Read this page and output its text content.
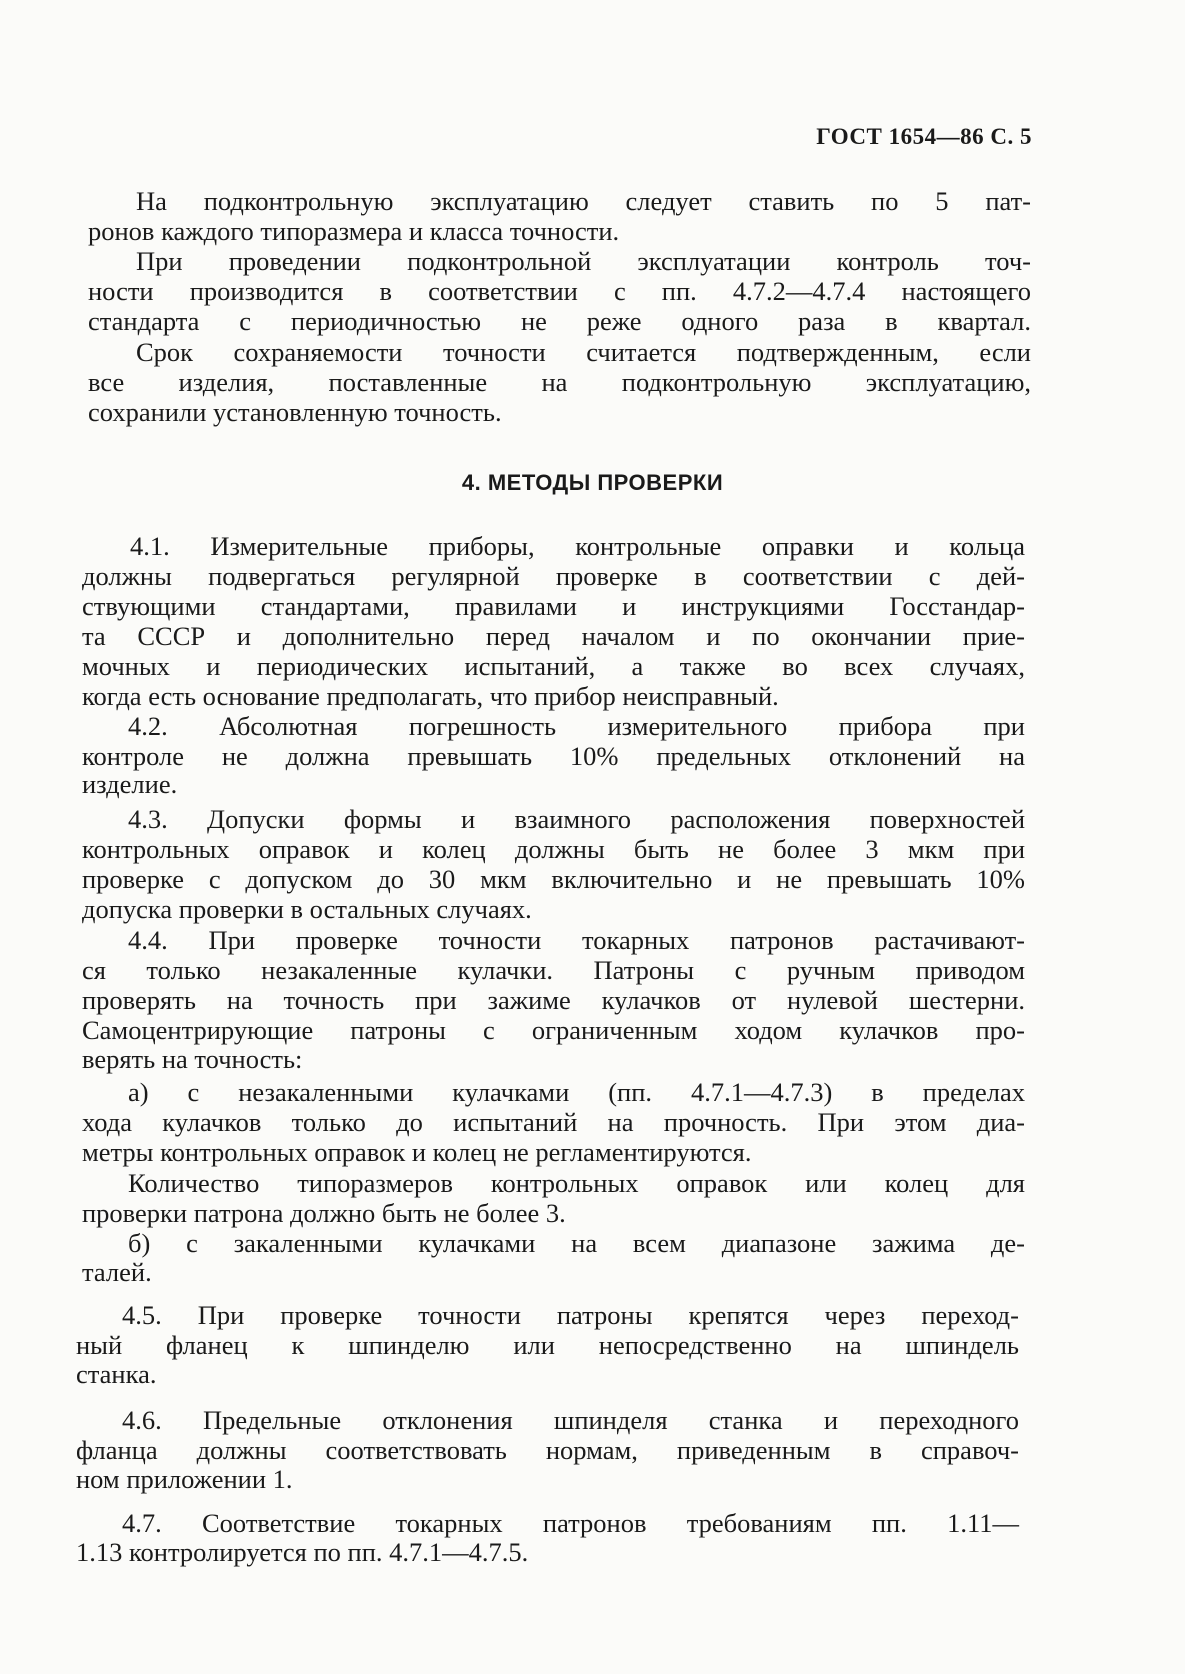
ГОСТ 1654—86 С. 5
На подконтрольную эксплуатацию следует ставить по 5 пат-
ронов каждого типоразмера и класса точности.
При проведении подконтрольной эксплуатации контроль точ-
ности производится в соответствии с пп. 4.7.2—4.7.4 настоящего
стандарта с периодичностью не реже одного раза в квартал.
Срок сохраняемости точности считается подтвержденным, если
все изделия, поставленные на подконтрольную эксплуатацию,
сохранили установленную точность.
4. МЕТОДЫ ПРОВЕРКИ
4.1. Измерительные приборы, контрольные оправки и кольца
должны подвергаться регулярной проверке в соответствии с дей-
ствующими стандартами, правилами и инструкциями Госстандар-
та СССР и дополнительно перед началом и по окончании прие-
мочных и периодических испытаний, а также во всех случаях,
когда есть основание предполагать, что прибор неисправный.
4.2. Абсолютная погрешность измерительного прибора при
контроле не должна превышать 10% предельных отклонений на
изделие.
4.3. Допуски формы и взаимного расположения поверхностей
контрольных оправок и колец должны быть не более 3 мкм при
проверке с допуском до 30 мкм включительно и не превышать 10%
допуска проверки в остальных случаях.
4.4. При проверке точности токарных патронов растачивают-
ся только незакаленные кулачки. Патроны с ручным приводом
проверять на точность при зажиме кулачков от нулевой шестерни.
Самоцентрирующие патроны с ограниченным ходом кулачков про-
верять на точность:
а) с незакаленными кулачками (пп. 4.7.1—4.7.3) в пределах
хода кулачков только до испытаний на прочность. При этом диа-
метры контрольных оправок и колец не регламентируются.
Количество типоразмеров контрольных оправок или колец для
проверки патрона должно быть не более 3.
б) с закаленными кулачками на всем диапазоне зажима де-
талей.
4.5. При проверке точности патроны крепятся через переход-
ный фланец к шпинделю или непосредственно на шпиндель
станка.
4.6. Предельные отклонения шпинделя станка и переходного
фланца должны соответствовать нормам, приведенным в справоч-
ном приложении 1.
4.7. Соответствие токарных патронов требованиям пп. 1.11—
1.13 контролируется по пп. 4.7.1—4.7.5.
